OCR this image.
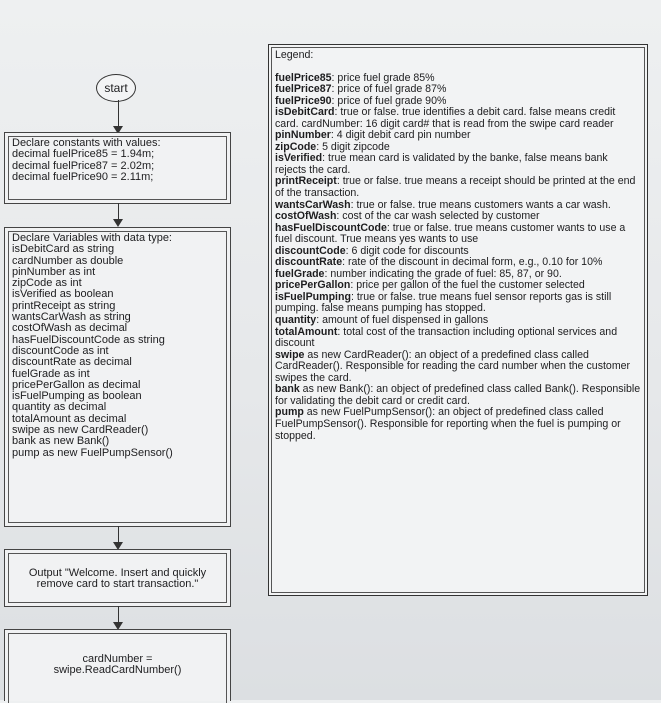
start
Declare constants with values:
decimal fuelPrice85 = 1.94m;
decimal fuelPrice87 = 2.02m;
decimal fuelPrice90 = 2.11m;
Declare Variables with data type:
isDebitCard as string
cardNumber as double
pinNumber as int
zipCode as int
isVerified as boolean
printReceipt as string
wantsCarWash as string
costOfWash as decimal
hasFuelDiscountCode as string
discountCode as int
discountRate as decimal
fuelGrade as int
pricePerGallon as decimal
isFuelPumping as boolean
quantity as decimal
totalAmount as decimal
swipe as new CardReader()
bank as new Bank()
pump as new FuelPumpSensor()
Output "Welcome. Insert and quickly
remove card to start transaction."
cardNumber =
swipe.ReadCardNumber()
Legend:
fuelPrice85: price fuel grade 85%
fuelPrice87: price of fuel grade 87%
fuelPrice90: price of fuel grade 90%
isDebitCard: true or false. true identifies a debit card. false means credit card. cardNumber: 16 digit card# that is read from the swipe card reader
pinNumber: 4 digit debit card pin number
zipCode: 5 digit zipcode
isVerified: true mean card is validated by the banke, false means bank rejects the card.
printReceipt: true or false. true means a receipt should be printed at the end of the transaction.
wantsCarWash: true or false. true means customers wants a car wash.
costOfWash: cost of the car wash selected by customer
hasFuelDiscountCode: true or false. true means customer wants to use a fuel discount. True means yes wants to use
discountCode: 6 digit code for discounts
discountRate: rate of the discount in decimal form, e.g., 0.10 for 10%
fuelGrade: number indicating the grade of fuel: 85, 87, or 90.
pricePerGallon: price per gallon of the fuel the customer selected
isFuelPumping: true or false. true means fuel sensor reports gas is still pumping. false means pumping has stopped.
quantity: amount of fuel dispensed in gallons
totalAmount: total cost of the transaction including optional services and discount
swipe as new CardReader(): an object of a predefined class called CardReader(). Responsible for reading the card number when the customer swipes the card.
bank as new Bank(): an object of predefined class called Bank(). Responsible for validating the debit card or credit card.
pump as new FuelPumpSensor(): an object of predefined class called FuelPumpSensor(). Responsible for reporting when the fuel is pumping or stopped.
